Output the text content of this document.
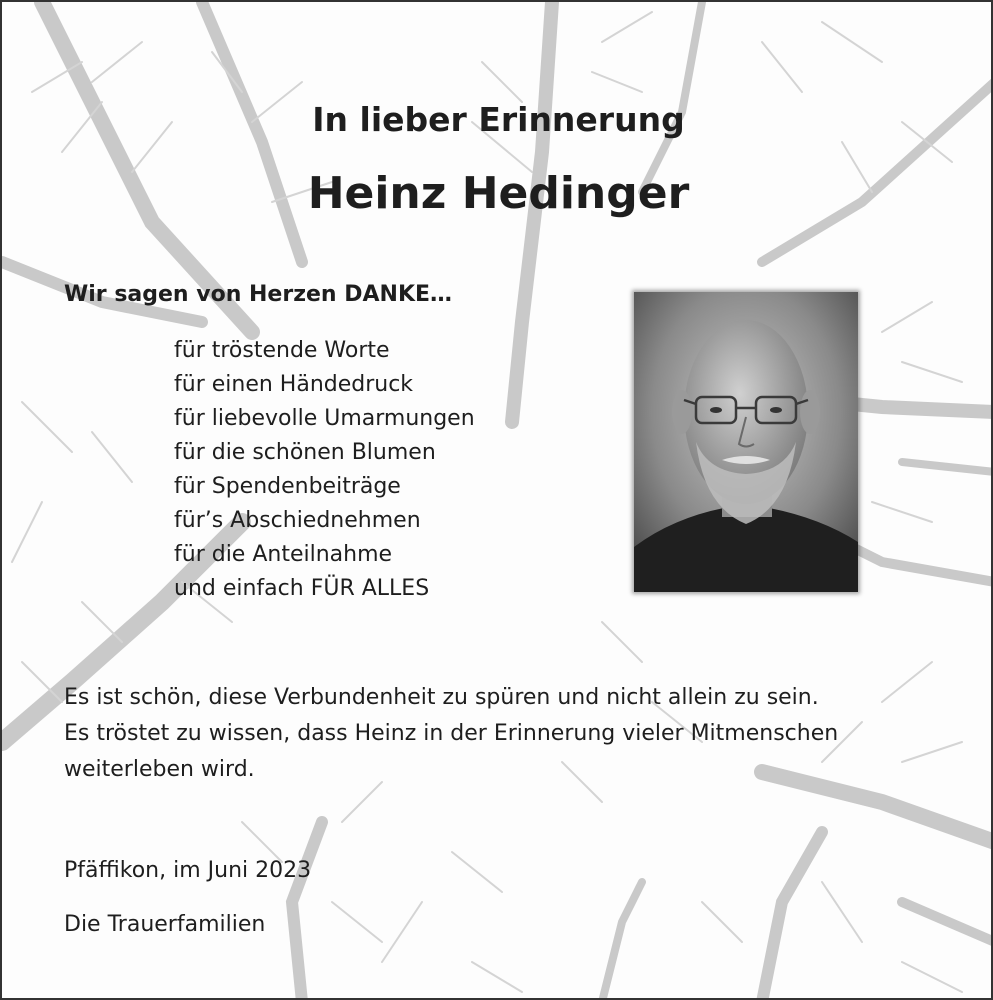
In lieber Erinnerung
Heinz Hedinger
Wir sagen von Herzen DANKE…
für tröstende Worte
für einen Händedruck
für liebevolle Umarmungen
für die schönen Blumen
für Spendenbeiträge
für’s Abschiednehmen
für die Anteilnahme
und einfach FÜR ALLES

Es ist schön, diese Verbundenheit zu spüren und nicht allein zu sein.

Es tröstet zu wissen, dass Heinz in der Erinnerung vieler Mitmenschen

weiterleben wird.

Pfäffikon, im Juni 2023
Die Trauerfamilien
